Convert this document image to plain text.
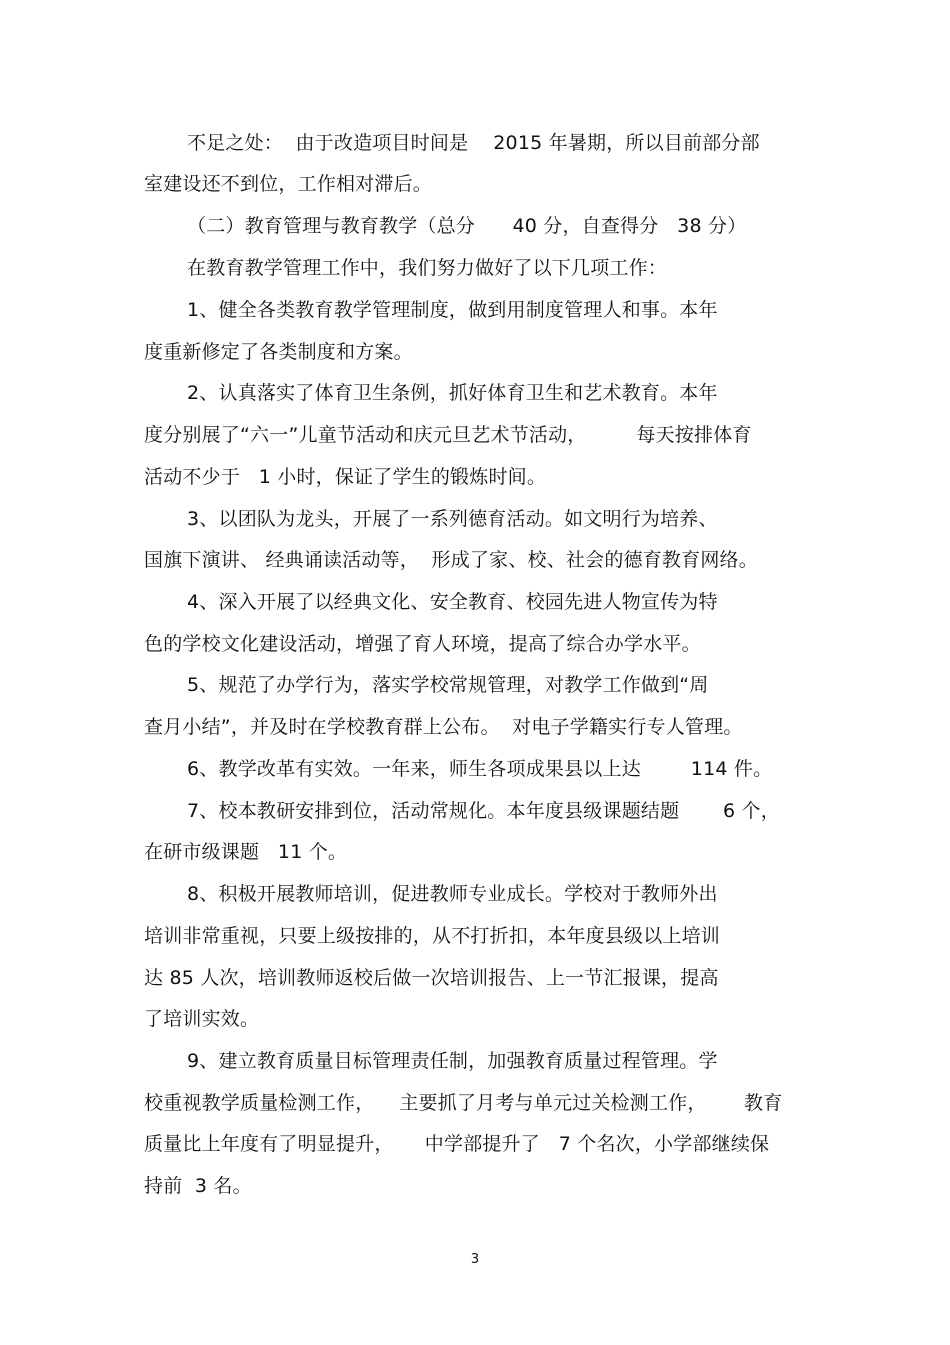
不足之处：  由于改造项目时间是    2015 年暑期，所以目前部分部
室建设还不到位，工作相对滞后。
（二）教育管理与教育教学（总分      40 分，自查得分   38 分）
在教育教学管理工作中，我们努力做好了以下几项工作：
1、健全各类教育教学管理制度，做到用制度管理人和事。本年
度重新修定了各类制度和方案。
2、认真落实了体育卫生条例，抓好体育卫生和艺术教育。本年
度分别展了“六一”儿童节活动和庆元旦艺术节活动，        每天按排体育
活动不少于   1 小时，保证了学生的锻炼时间。
3、以团队为龙头，开展了一系列德育活动。如文明行为培养、
国旗下演讲、 经典诵读活动等，  形成了家、校、社会的德育教育网络。
4、深入开展了以经典文化、安全教育、校园先进人物宣传为特
色的学校文化建设活动，增强了育人环境，提高了综合办学水平。
5、规范了办学行为，落实学校常规管理，对教学工作做到“周
查月小结”，并及时在学校教育群上公布。  对电子学籍实行专人管理。
6、教学改革有实效。一年来，师生各项成果县以上达        114 件。
7、校本教研安排到位，活动常规化。本年度县级课题结题       6 个，
在研市级课题   11 个。
8、积极开展教师培训，促进教师专业成长。学校对于教师外出
培训非常重视，只要上级按排的，从不打折扣，本年度县级以上培训
达 85 人次，培训教师返校后做一次培训报告、上一节汇报课，提高
了培训实效。
9、建立教育质量目标管理责任制，加强教育质量过程管理。学
校重视教学质量检测工作，    主要抓了月考与单元过关检测工作，      教育
质量比上年度有了明显提升，     中学部提升了   7 个名次，小学部继续保
持前  3 名。
3
